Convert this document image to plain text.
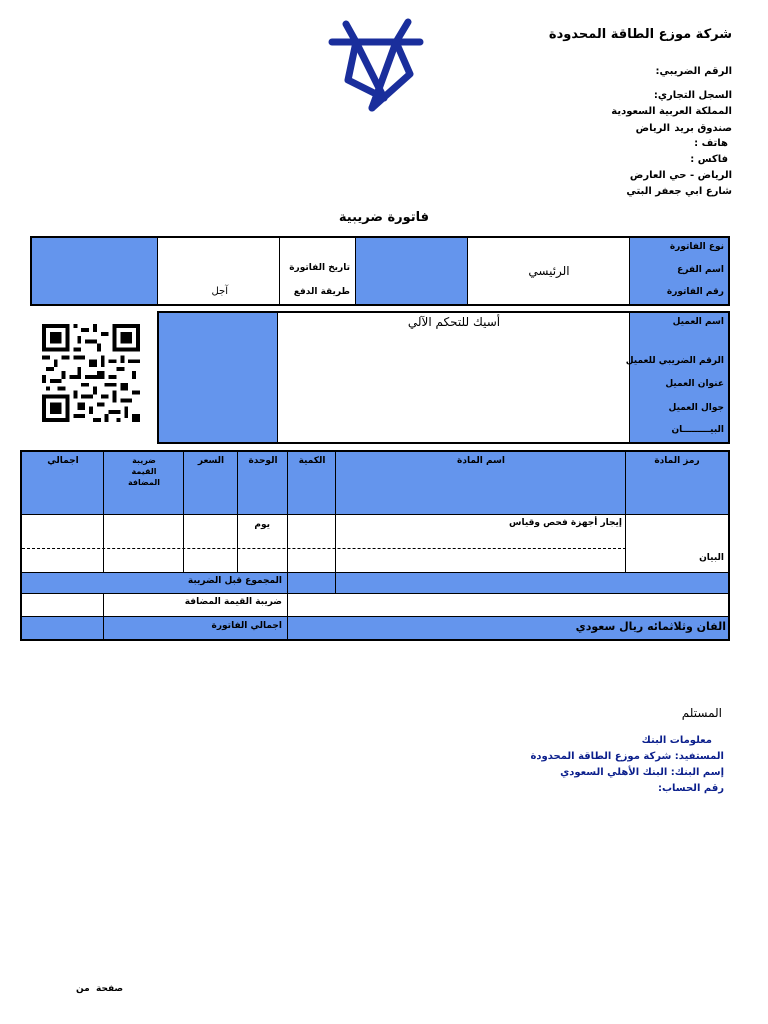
شركة موزع الطاقة المحدودة
الرقم الضريبي:
السجل التجاري:
المملكة العربية السعودية
صندوق بريد
الرياض
هاتف :
فاكس :
الرياض - حي العارض
شارع ابي جعفر البتي
فاتورة ضريبية
نوع الفاتورة
اسم الفرع
رقم الفاتورة
الرئيسي
تاريخ الفاتورة
طريقة الدفع
آجل
اسم العميل
الرقم الضريبي للعميل
عنوان العميل
جوال العميل
البيـــــــــان
أسيك للتحكم الآلي
رمز المادة
اسم المادة
الكمية
الوحدة
السعر
ضريبة القيمة المضافة
اجمالي
إيجار أجهزة فحص وقياس
يوم
البيان
المجموع قبل الضريبة
ضريبة القيمة المضافة
اجمالي الفاتورة	الفان وثلاثمائه ريال سعودي
المستلم
معلومات البنك
المستفيد: شركة موزع الطاقة المحدودة
إسم البنك: البنك الأهلي السعودي
رقم الحساب:
صفحة
من
